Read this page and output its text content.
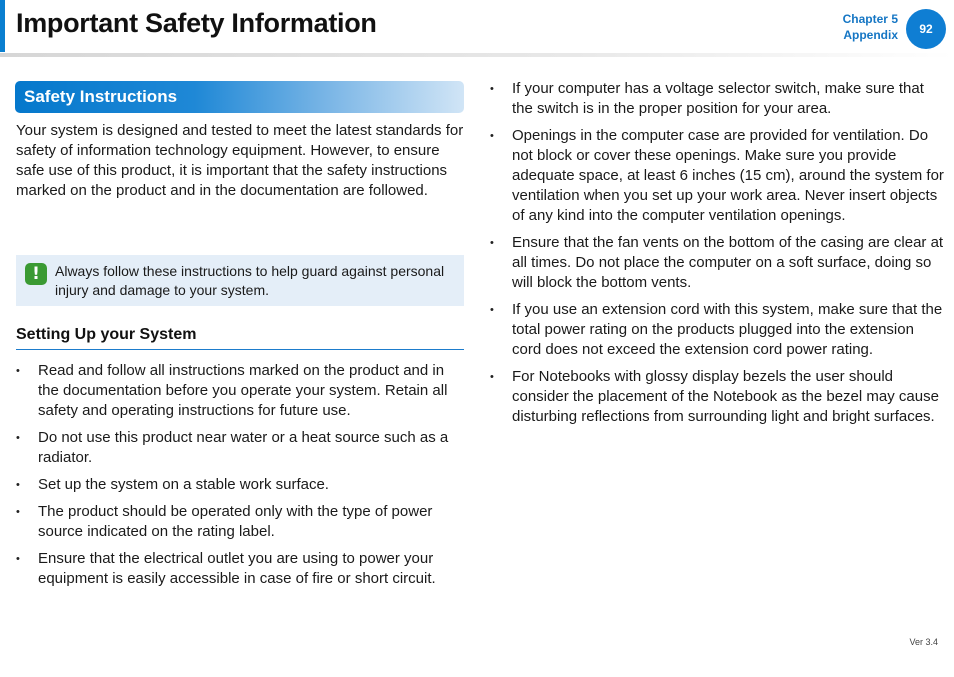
Important Safety Information	Chapter 5
Appendix	92
Safety Instructions

Your system is designed and tested to meet the latest standards for safety of information technology equipment. However, to ensure safe use of this product, it is important that the safety instructions marked on the product and in the documentation are followed.

!	Always follow these instructions to help guard against personal injury and damage to your system.

Setting Up your System
• Read and follow all instructions marked on the product and in the documentation before you operate your system. Retain all safety and operating instructions for future use.
• Do not use this product near water or a heat source such as a radiator.
• Set up the system on a stable work surface.
• The product should be operated only with the type of power source indicated on the rating label.
• Ensure that the electrical outlet you are using to power your equipment is easily accessible in case of fire or short circuit.
• If your computer has a voltage selector switch, make sure that the switch is in the proper position for your area.
• Openings in the computer case are provided for ventilation. Do not block or cover these openings. Make sure you provide adequate space, at least 6 inches (15 cm), around the system for ventilation when you set up your work area. Never insert objects of any kind into the computer ventilation openings.
• Ensure that the fan vents on the bottom of the casing are clear at all times. Do not place the computer on a soft surface, doing so will block the bottom vents.
• If you use an extension cord with this system, make sure that the total power rating on the products plugged into the extension cord does not exceed the extension cord power rating.
• For Notebooks with glossy display bezels the user should consider the placement of the Notebook as the bezel may cause disturbing reflections from surrounding light and bright surfaces.
Ver 3.4
